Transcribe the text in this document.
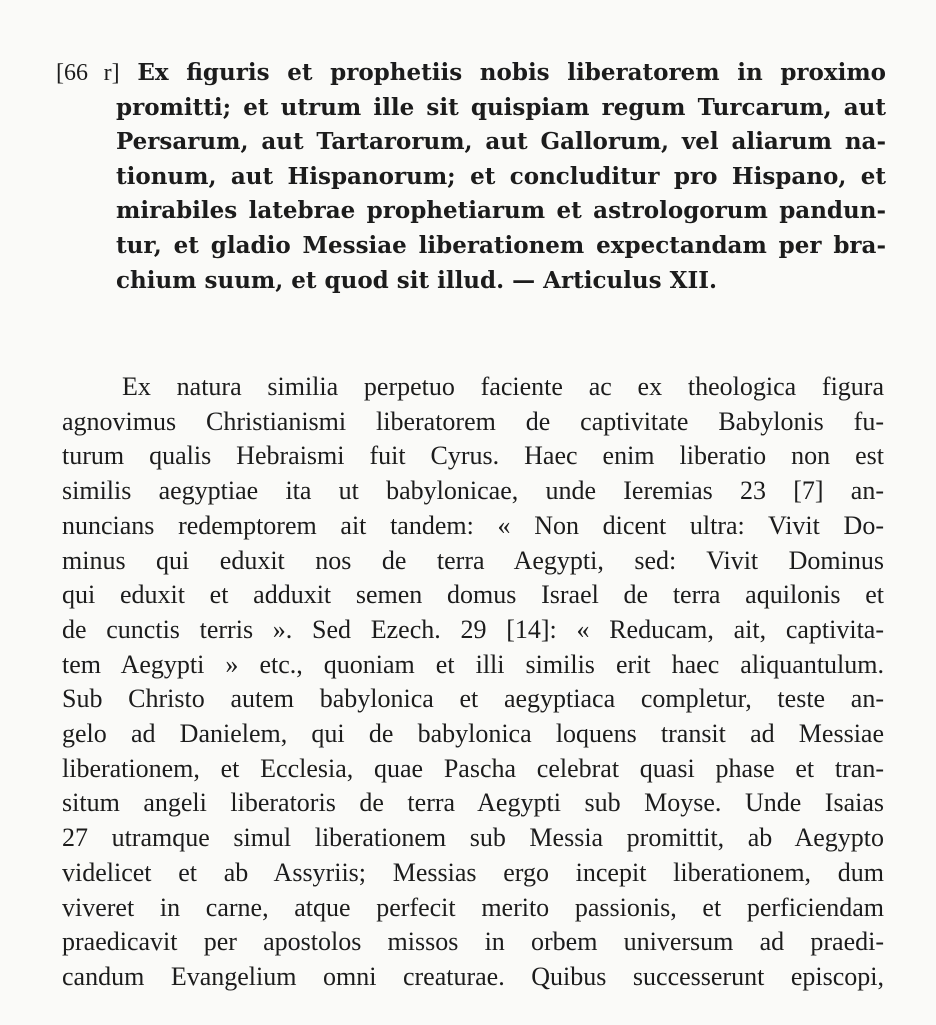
[66 r] Ex figuris et prophetiis nobis liberatorem in proximo
promitti; et utrum ille sit quispiam regum Turcarum, aut
Persarum, aut Tartarorum, aut Gallorum, vel aliarum na-
tionum, aut Hispanorum; et concluditur pro Hispano, et
mirabiles latebrae prophetiarum et astrologorum pandun-
tur, et gladio Messiae liberationem expectandam per bra-
chium suum, et quod sit illud. — Articulus XII.
Ex natura similia perpetuo faciente ac ex theologica figura
agnovimus Christianismi liberatorem de captivitate Babylonis fu-
turum qualis Hebraismi fuit Cyrus. Haec enim liberatio non est
similis aegyptiae ita ut babylonicae, unde Ieremias 23 [7] an-
nuncians redemptorem ait tandem: « Non dicent ultra: Vivit Do-
minus qui eduxit nos de terra Aegypti, sed: Vivit Dominus
qui eduxit et adduxit semen domus Israel de terra aquilonis et
de cunctis terris ». Sed Ezech. 29 [14]: « Reducam, ait, captivita-
tem Aegypti » etc., quoniam et illi similis erit haec aliquantulum.
Sub Christo autem babylonica et aegyptiaca completur, teste an-
gelo ad Danielem, qui de babylonica loquens transit ad Messiae
liberationem, et Ecclesia, quae Pascha celebrat quasi phase et tran-
situm angeli liberatoris de terra Aegypti sub Moyse. Unde Isaias
27 utramque simul liberationem sub Messia promittit, ab Aegypto
videlicet et ab Assyriis; Messias ergo incepit liberationem, dum
viveret in carne, atque perfecit merito passionis, et perficiendam
praedicavit per apostolos missos in orbem universum ad praedi-
candum Evangelium omni creaturae. Quibus successerunt episcopi,
